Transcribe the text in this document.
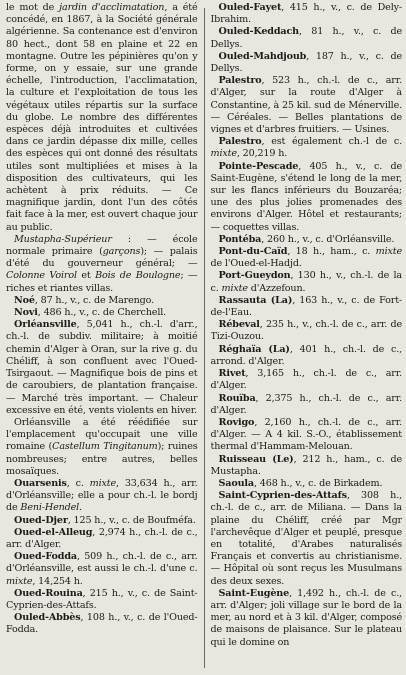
le mot de jardin d'acclimatation, a été concédé, en 1867, à la Société générale algérienne. Sa contenance est d'environ 80 hect., dont 58 en plaine et 22 en montagne. Outre les pépinières qu'on y forme, on y essaie, sur une grande échelle, l'introduction, l'acclimatation, la culture et l'exploitation de tous les végétaux utiles répartis sur la surface du globe. Le nombre des différentes espèces déjà introduites et cultivées dans ce jardin dépasse dix mille, celles des espèces qui ont donné des résultats utiles sont multipliées et mises à la disposition des cultivateurs, qui les achètent à prix réduits. — Ce magnifique jardin, dont l'un des côtés fait face à la mer, est ouvert chaque jour au public.

Mustapha-Supérieur : — école normale primaire (garçons); — palais d'été du gouverneur général; — Colonne Voirol et Bois de Boulogne; — riches et riantes villas.

Noé, 87 h., v., c. de Marengo.

Novi, 486 h., v., c. de Cherchell.

Orléansville, 5,041 h., ch.-l. d'arr., ch.-l. de subdiv. militaire; à moitié chemin d'Alger à Oran, sur la rive g. du Chéliff, à son confluent avec l'Oued-Tsirgaout. — Magnifique bois de pins et de caroubiers, de plantation française. — Marché très important. — Chaleur excessive en été, vents violents en hiver.

Orléansville a été réédifiée sur l'emplacement qu'occupait une ville romaine (Castellum Tingitanum); ruines nombreuses; entre autres, belles mosaïques.

Ouarsenis, c. mixte, 33,634 h., arr. d'Orléansville; elle a pour ch.-l. le bordj de Beni-Hendel.

Oued-Djer, 125 h., v., c. de Boufméfa.

Oued-el-Alleug, 2,974 h., ch.-l. de c., arr. d'Alger.

Oued-Fodda, 509 h., ch.-l. de c., arr. d'Orléansville, est aussi le ch.-l. d'une c. mixte, 14,254 h.

Oued-Rouina, 215 h., v., c. de Saint-Cyprien-des-Attafs.

Ouled-Abbès, 108 h., v., c. de l'Oued-Fodda.

Ouled-Fayet, 415 h., v., c. de Dely-Ibrahim.

Ouled-Keddach, 81 h., v., c. de Dellys.

Ouled-Mahdjoub, 187 h., v., c. de Dellys.

Palestro, 523 h., ch.-l. de c., arr. d'Alger, sur la route d'Alger à Constantine, à 25 kil. sud de Ménerville. — Céréales. — Belles plantations de vignes et d'arbres fruitiers. — Usines.

Palestro, est également ch.-l de c. mixte, 20,219 h.

Pointe-Pescade, 405 h., v., c. de Saint-Eugène, s'étend le long de la mer, sur les flancs inférieurs du Bouzaréa; une des plus jolies promenades des environs d'Alger. Hôtel et restaurants; — coquettes villas.

Pontéba, 260 h., v., c. d'Orléansville.

Pont-du-Caïd, 18 h., ham., c. mixte de l'Oued-el-Hadjd.

Port-Gueydon, 130 h., v., ch.-l. de la c. mixte d'Azzefoun.

Rassauta (La), 163 h., v., c. de Fort-de-l'Eau.

Rébeval, 235 h., v., ch.-l. de c., arr. de Tizi-Ouzou.

Réghaïa (La), 401 h., ch.-l. de c., arrond. d'Alger.

Rivet, 3,165 h., ch.-l. de c., arr. d'Alger.

Rouïba, 2,375 h., ch.-l. de c., arr. d'Alger.

Rovigo, 2,160 h., ch.-l. de c., arr. d'Alger. — A 4 kil. S.-O., établissement thermal d'Hammam-Melouan.

Ruisseau (Le), 212 h., ham., c. de Mustapha.

Saoula, 468 h., v., c. de Birkadem.

Saint-Cyprien-des-Attafs, 308 h., ch.-l. de c., arr. de Miliana. — Dans la plaine du Chéliff, créé par Mgr l'archevêque d'Alger et peuplé, presque en totalité, d'Arabes naturalisés Français et convertis au christianisme. — Hôpital où sont reçus les Musulmans des deux sexes.

Saint-Eugène, 1,492 h., ch.-l. de c., arr. d'Alger; joli village sur le bord de la mer, au nord et à 3 kil. d'Alger, composé de maisons de plaisance. Sur le plateau qui le domine on
